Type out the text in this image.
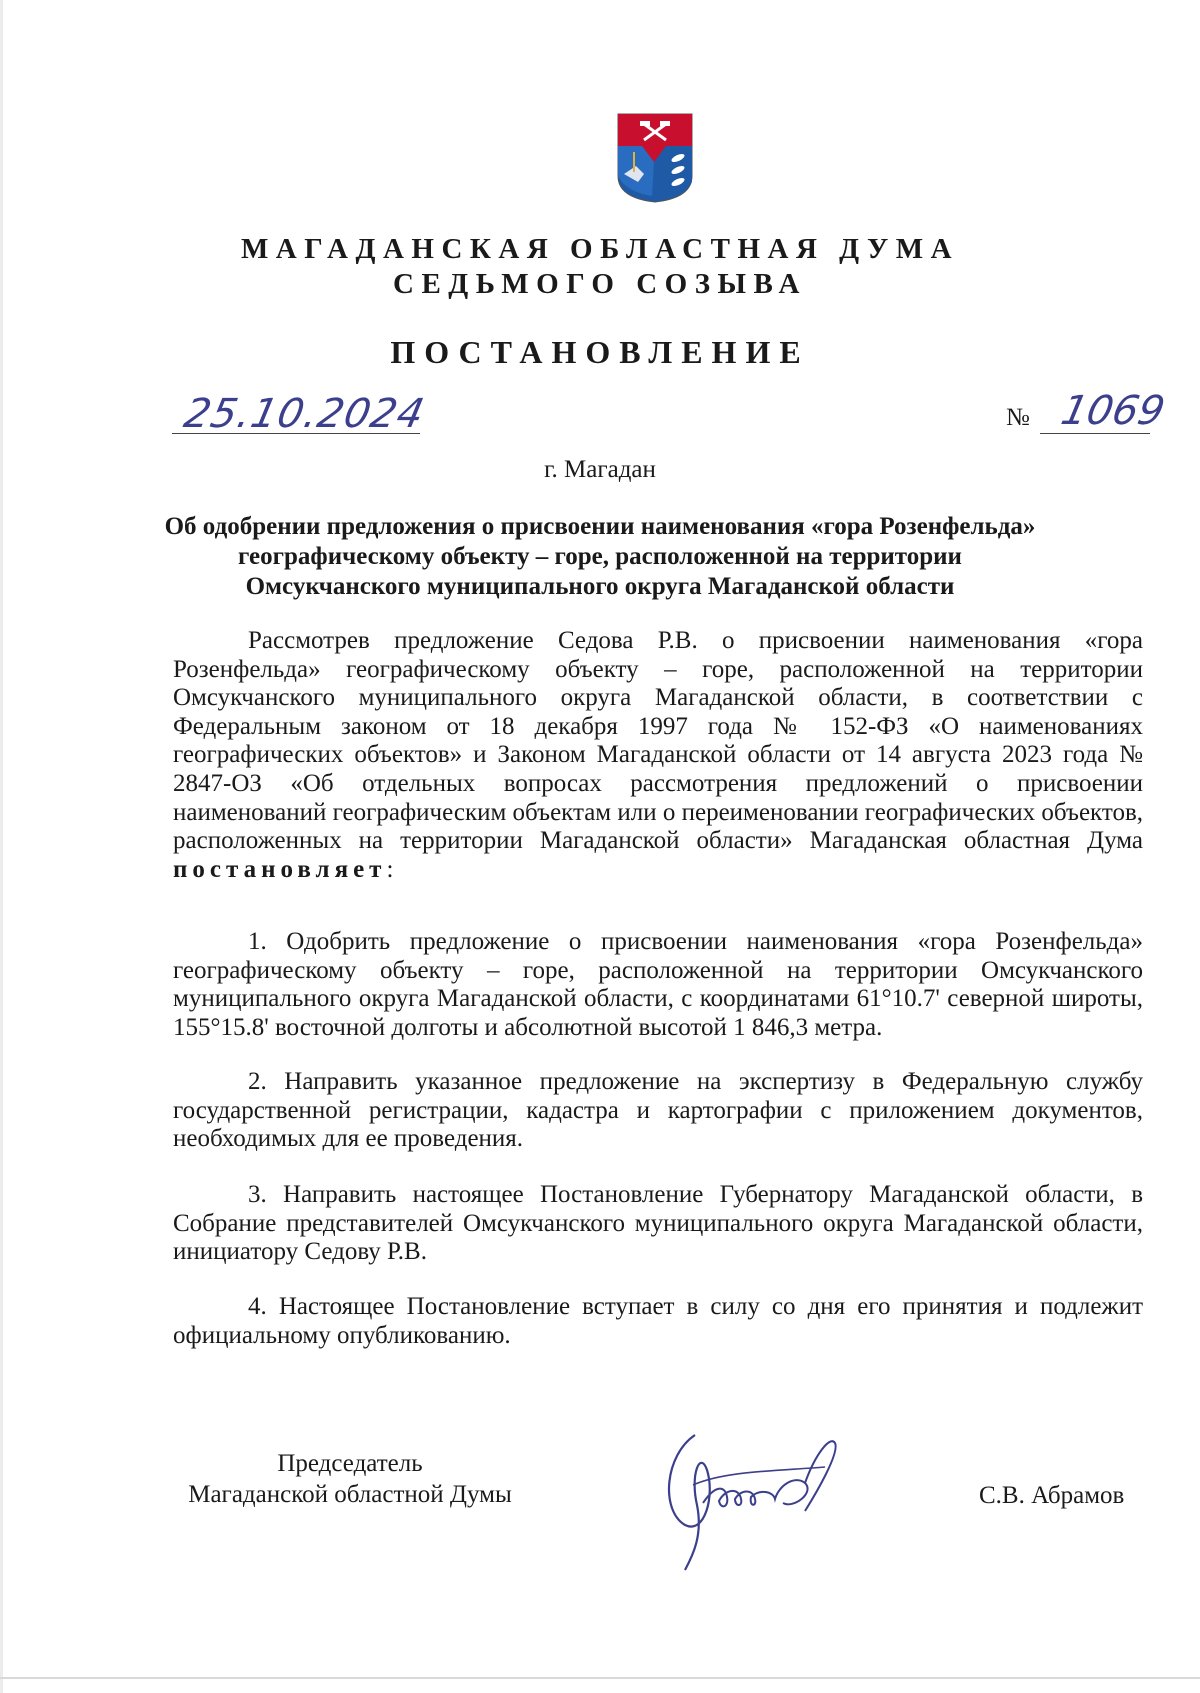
МАГАДАНСКАЯ ОБЛАСТНАЯ ДУМА
СЕДЬМОГО СОЗЫВА
ПОСТАНОВЛЕНИЕ
25.10.2024	№ 1069
г. Магадан
Об одобрении предложения о присвоении наименования «гора Розенфельда»
географическому объекту – горе, расположенной на территории
Омсукчанского муниципального округа Магаданской области

Рассмотрев предложение Седова Р.В. о присвоении наименования «гора Розенфельда» географическому объекту – горе, расположенной на территории Омсукчанского муниципального округа Магаданской области, в соответствии с Федеральным законом от 18 декабря 1997 года № 152-ФЗ «О наименованиях географических объектов» и Законом Магаданской области от 14 августа 2023 года № 2847-ОЗ «Об отдельных вопросах рассмотрения предложений о присвоении наименований географическим объектам или о переименовании географических объектов, расположенных на территории Магаданской области» Магаданская областная Дума постановляет:

1. Одобрить предложение о присвоении наименования «гора Розенфельда» географическому объекту – горе, расположенной на территории Омсукчанского муниципального округа Магаданской области, с координатами 61°10.7' северной широты, 155°15.8' восточной долготы и абсолютной высотой 1 846,3 метра.

2. Направить указанное предложение на экспертизу в Федеральную службу государственной регистрации, кадастра и картографии с приложением документов, необходимых для ее проведения.

3. Направить настоящее Постановление Губернатору Магаданской области, в Собрание представителей Омсукчанского муниципального округа Магаданской области, инициатору Седову Р.В.

4. Настоящее Постановление вступает в силу со дня его принятия и подлежит официальному опубликованию.

Председатель
Магаданской областной Думы	С.В. Абрамов
